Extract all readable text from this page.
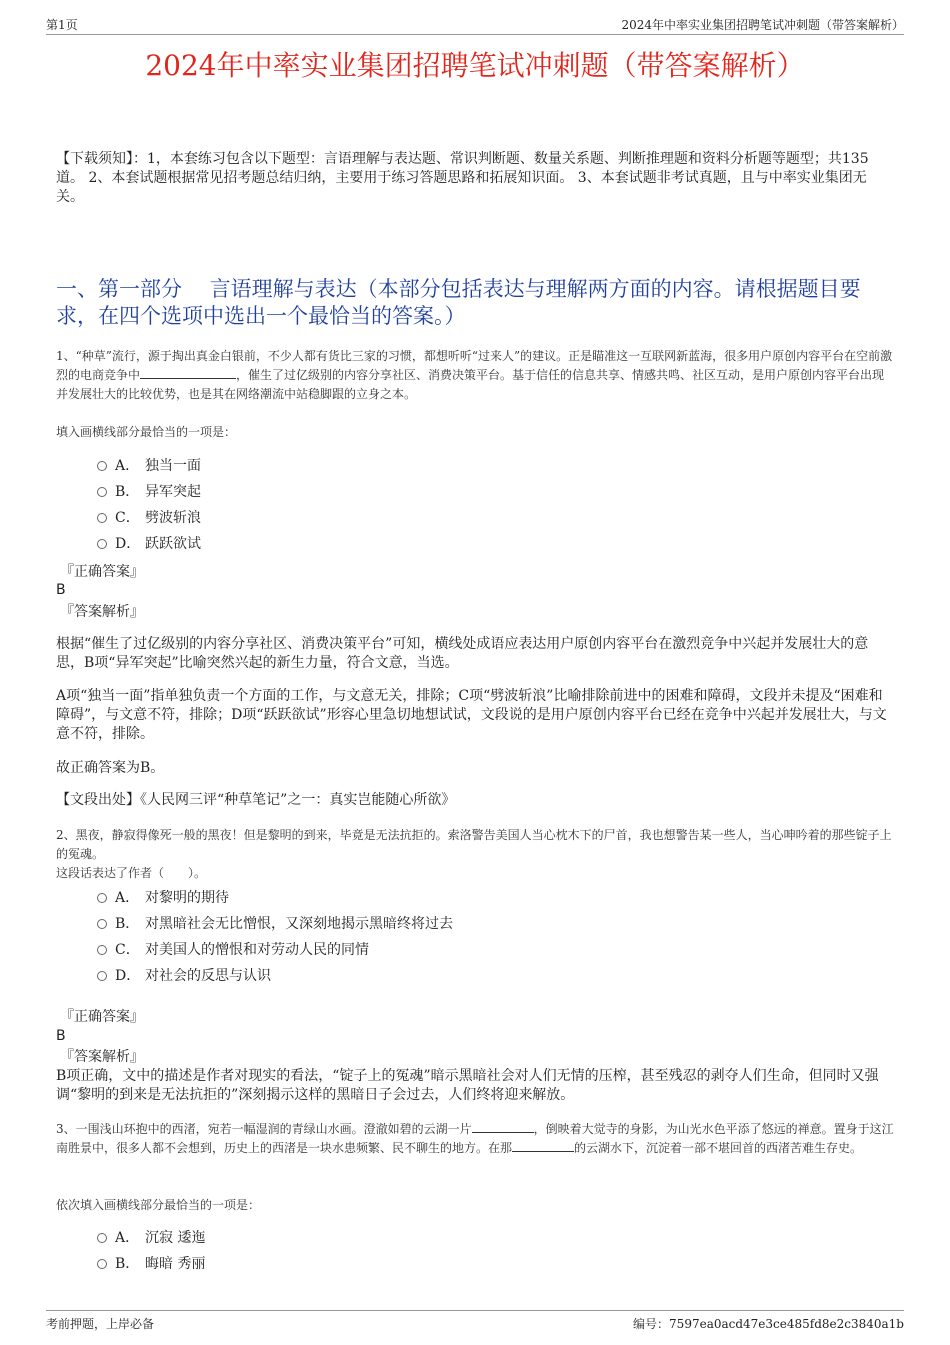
第1页	2024年中率实业集团招聘笔试冲刺题（带答案解析）
2024年中率实业集团招聘笔试冲刺题（带答案解析）

【下载须知】：1，本套练习包含以下题型：言语理解与表达题、常识判断题、数量关系题、判断推理题和资料分析题等题型；共135道。 2、本套试题根据常见招考题总结归纳，主要用于练习答题思路和拓展知识面。 3、本套试题非考试真题，且与中率实业集团无关。

一、第一部分　 言语理解与表达（本部分包括表达与理解两方面的内容。请根据题目要求，在四个选项中选出一个最恰当的答案。）

1、“种草”流行，源于掏出真金白银前，不少人都有货比三家的习惯，都想听听“过来人”的建议。正是瞄准这一互联网新蓝海，很多用户原创内容平台在空前激烈的电商竞争中	，催生了过亿级别的内容分享社区、消费决策平台。基于信任的信息共享、情感共鸣、社区互动，是用户原创内容平台出现并发展壮大的比较优势，也是其在网络潮流中站稳脚跟的立身之本。

填入画横线部分最恰当的一项是：

A． 独当一面
B． 异军突起
C． 劈波斩浪
D． 跃跃欲试
『正确答案』
B
『答案解析』

根据“催生了过亿级别的内容分享社区、消费决策平台”可知，横线处成语应表达用户原创内容平台在激烈竞争中兴起并发展壮大的意思，B项“异军突起”比喻突然兴起的新生力量，符合文意，当选。

A项“独当一面”指单独负责一个方面的工作，与文意无关，排除；C项“劈波斩浪”比喻排除前进中的困难和障碍，文段并未提及“困难和障碍”，与文意不符，排除；D项“跃跃欲试”形容心里急切地想试试，文段说的是用户原创内容平台已经在竞争中兴起并发展壮大，与文意不符，排除。

故正确答案为B。

【文段出处】《人民网三评“种草笔记”之一：真实岂能随心所欲》

2、黑夜，静寂得像死一般的黑夜！但是黎明的到来，毕竟是无法抗拒的。索洛警告美国人当心枕木下的尸首，我也想警告某一些人，当心呻吟着的那些锭子上的冤魂。

这段话表达了作者（　　）。

A． 对黎明的期待
B． 对黑暗社会无比憎恨，又深刻地揭示黑暗终将过去
C． 对美国人的憎恨和对劳动人民的同情
D． 对社会的反思与认识
『正确答案』
B
『答案解析』

B项正确，文中的描述是作者对现实的看法，“锭子上的冤魂”暗示黑暗社会对人们无情的压榨，甚至残忍的剥夺人们生命，但同时又强调“黎明的到来是无法抗拒的”深刻揭示这样的黑暗日子会过去，人们终将迎来解放。

3、一围浅山环抱中的西渚，宛若一幅湿润的青绿山水画。澄澈如碧的云湖一片	，倒映着大觉寺的身影，为山光水色平添了悠远的禅意。置身于这江南胜景中，很多人都不会想到，历史上的西渚是一块水患频繁、民不聊生的地方。在那	的云湖水下，沉淀着一部不堪回首的西渚苦难生存史。

依次填入画横线部分最恰当的一项是：

A． 沉寂 逶迤
B． 晦暗 秀丽
考前押题，上岸必备	编号：7597ea0acd47e3ce485fd8e2c3840a1b
